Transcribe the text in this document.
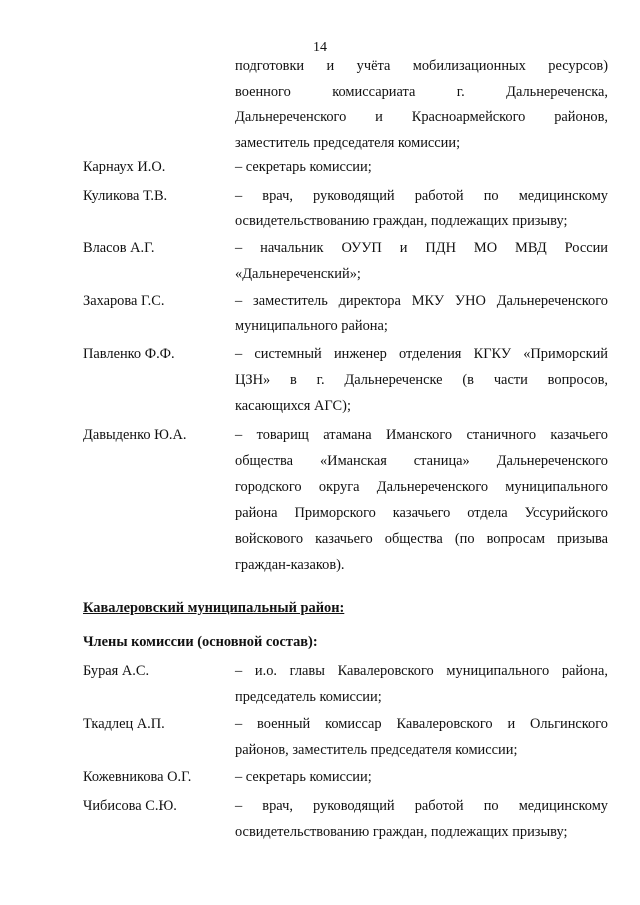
14
подготовки и учёта мобилизационных ресурсов)
военного комиссариата г. Дальнереченска,
Дальнереченского и Красноармейского районов,
заместитель председателя комиссии;
Карнаух И.О.	– секретарь комиссии;
Куликова Т.В.	– врач, руководящий работой по медицинскому
освидетельствованию граждан, подлежащих призыву;
Власов А.Г.	– начальник ОУУП и ПДН МО МВД России
«Дальнереченский»;
Захарова Г.С.	– заместитель директора МКУ УНО Дальнереченского
муниципального района;
Павленко Ф.Ф.	– системный инженер отделения КГКУ «Приморский
ЦЗН» в г. Дальнереченске (в части вопросов,
касающихся АГС);
Давыденко Ю.А.	– товарищ атамана Иманского станичного казачьего
общества «Иманская станица» Дальнереченского
городского округа Дальнереченского муниципального
района Приморского казачьего отдела Уссурийского
войскового казачьего общества (по вопросам призыва
граждан-казаков).
Кавалеровский муниципальный район:
Члены комиссии (основной состав):
Бурая А.С.	– и.о. главы Кавалеровского муниципального района,
председатель комиссии;
Ткадлец А.П.	– военный комиссар Кавалеровского и Ольгинского
районов, заместитель председателя комиссии;
Кожевникова О.Г.	– секретарь комиссии;
Чибисова С.Ю.	– врач, руководящий работой по медицинскому
освидетельствованию граждан, подлежащих призыву;
